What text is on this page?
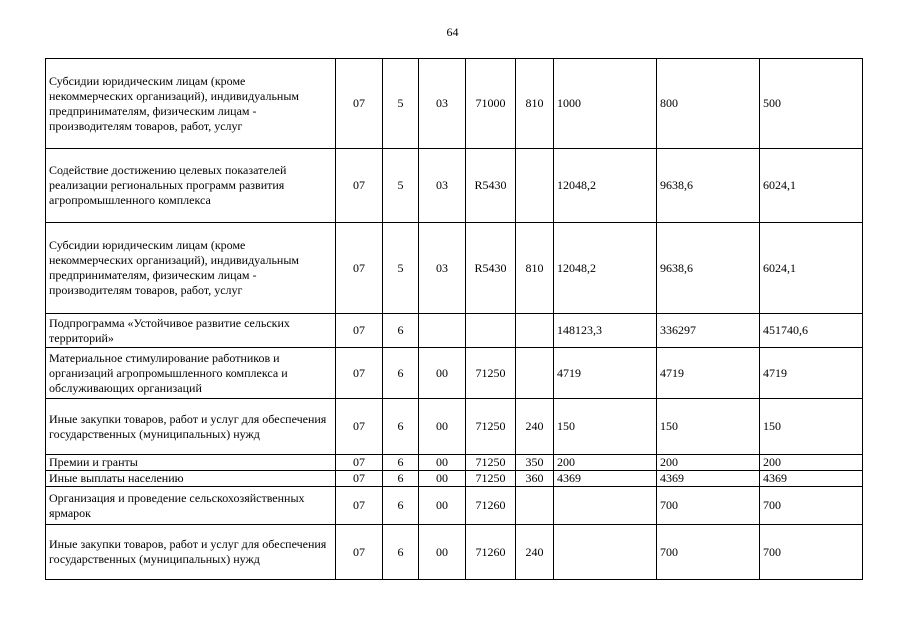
64
Субсидии юридическим лицам (кроме некоммерческих организаций), индивидуальным предпринимателям, физическим лицам - производителям товаров, работ, услуг	07	5	03	71000	810	1000	800	500
Содействие достижению целевых показателей реализации региональных программ развития агропромышленного комплекса	07	5	03	R5430		12048,2	9638,6	6024,1
Субсидии юридическим лицам (кроме некоммерческих организаций), индивидуальным предпринимателям, физическим лицам - производителям товаров, работ, услуг	07	5	03	R5430	810	12048,2	9638,6	6024,1
Подпрограмма «Устойчивое развитие сельских территорий»	07	6				148123,3	336297	451740,6
Материальное стимулирование работников и организаций агропромышленного комплекса и обслуживающих организаций	07	6	00	71250		4719	4719	4719
Иные закупки товаров, работ и услуг для обеспечения государственных (муниципальных) нужд	07	6	00	71250	240	150	150	150
Премии и гранты	07	6	00	71250	350	200	200	200
Иные выплаты населению	07	6	00	71250	360	4369	4369	4369
Организация и проведение сельскохозяйственных ярмарок	07	6	00	71260			700	700
Иные закупки товаров, работ и услуг для обеспечения государственных (муниципальных) нужд	07	6	00	71260	240		700	700
